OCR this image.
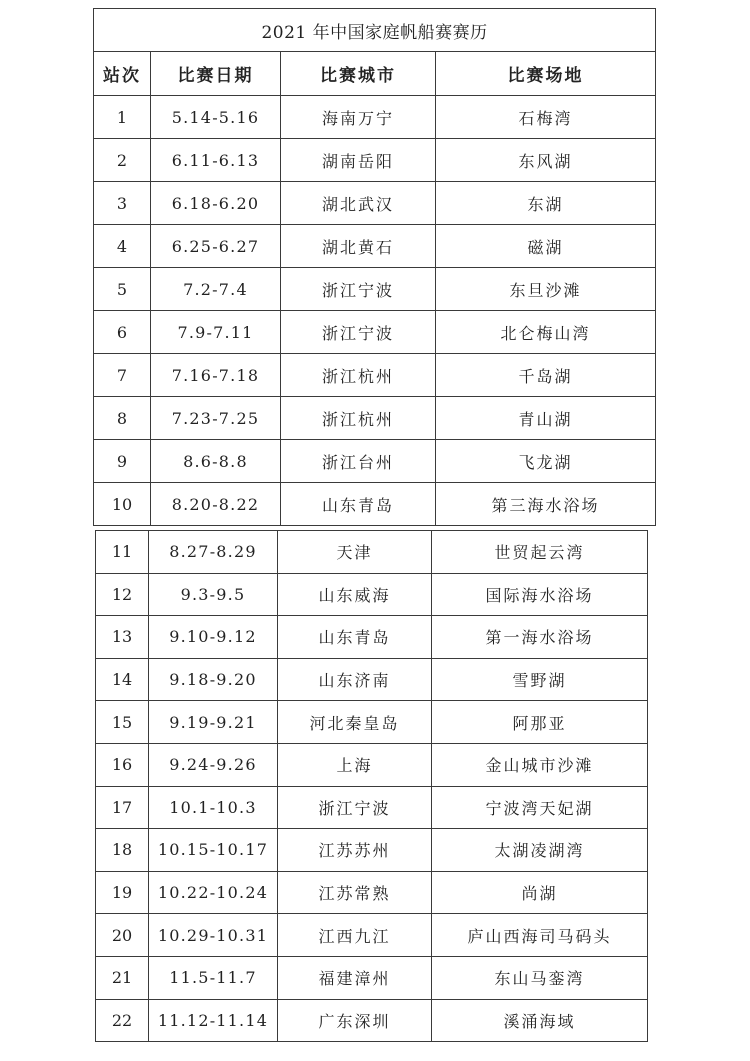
2021 年中国家庭帆船赛赛历			
站次	比赛日期	比赛城市	比赛场地
1	5.14-5.16	海南万宁	石梅湾
2	6.11-6.13	湖南岳阳	东风湖
3	6.18-6.20	湖北武汉	东湖
4	6.25-6.27	湖北黄石	磁湖
5	7.2-7.4	浙江宁波	东旦沙滩
6	7.9-7.11	浙江宁波	北仑梅山湾
7	7.16-7.18	浙江杭州	千岛湖
8	7.23-7.25	浙江杭州	青山湖
9	8.6-8.8	浙江台州	飞龙湖
10	8.20-8.22	山东青岛	第三海水浴场
11	8.27-8.29	天津	世贸起云湾
12	9.3-9.5	山东威海	国际海水浴场
13	9.10-9.12	山东青岛	第一海水浴场
14	9.18-9.20	山东济南	雪野湖
15	9.19-9.21	河北秦皇岛	阿那亚
16	9.24-9.26	上海	金山城市沙滩
17	10.1-10.3	浙江宁波	宁波湾天妃湖
18	10.15-10.17	江苏苏州	太湖凌湖湾
19	10.22-10.24	江苏常熟	尚湖
20	10.29-10.31	江西九江	庐山西海司马码头
21	11.5-11.7	福建漳州	东山马銮湾
22	11.12-11.14	广东深圳	溪涌海域
